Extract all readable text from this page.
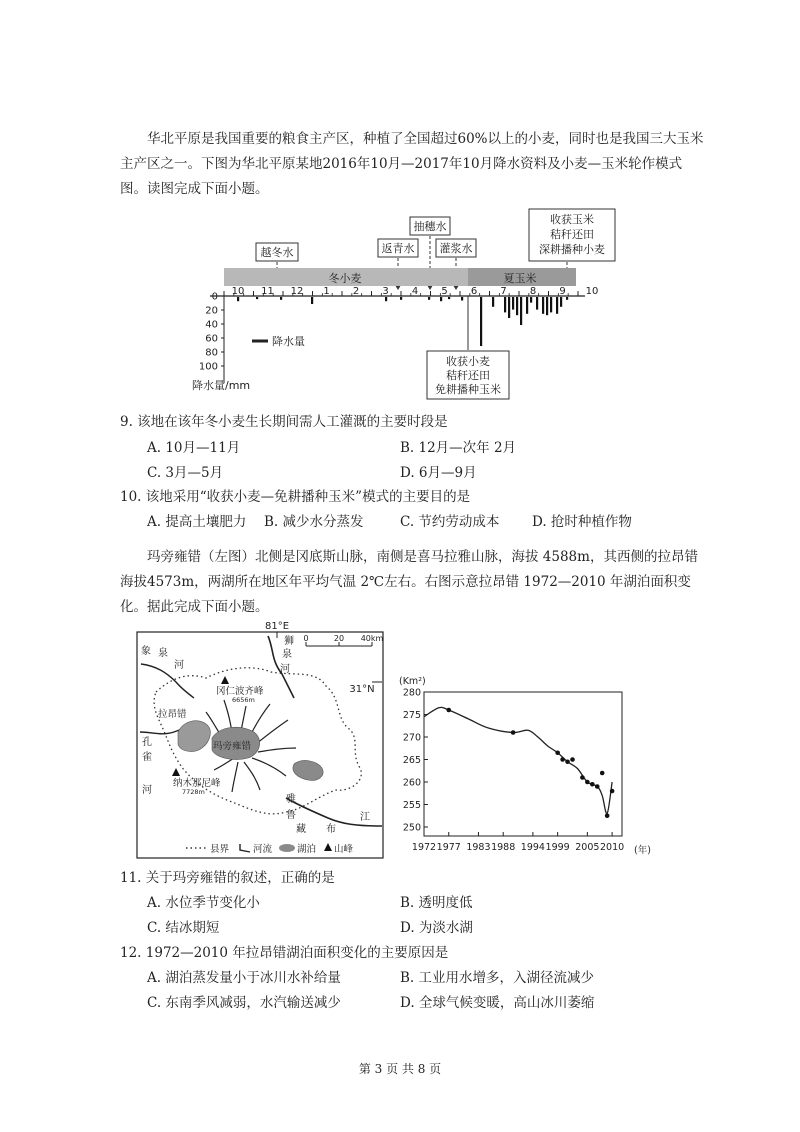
华北平原是我国重要的粮食主产区，种植了全国超过60%以上的小麦，同时也是我国三大玉米主产区之一。下图为华北平原某地2016年10月—2017年10月降水资料及小麦—玉米轮作模式图。读图完成下面小题。
收获玉米
秸秆还田
深耕播种小麦
抽穗水
返青水 灌浆水
越冬水
冬小麦	夏玉米
10 11 12 1 2 3 4 5 6 7 8 9 10
0
20
40
60
80
100
降水量
降水量/mm
收获小麦
秸秆还田
免耕播种玉米
9. 该地在该年冬小麦生长期间需人工灌溉的主要时段是
A. 10月—11月	B. 12月—次年 2月
C. 3月—5月	D. 6月—9月
10. 该地采用“收获小麦—免耕播种玉米”模式的主要目的是
A. 提高土壤肥力 B. 减少水分蒸发	C. 节约劳动成本 D. 抢时种植作物
玛旁雍错（左图）北侧是冈底斯山脉，南侧是喜马拉雅山脉，海拔 4588m，其西侧的拉昂错海拔4573m，两湖所在地区年平均气温 2℃左右。右图示意拉昂错 1972—2010 年湖泊面积变化。据此完成下面小题。
81°E
0	20 40km
31°N
冈仁波齐峰
6656m
纳木那尼峰
7728m
拉昂错
玛旁雍错
狮
泉
河
象 泉
河
孔
雀
河
雅
鲁
藏 布
江
县界	河流	湖泊 山峰
(Km²)
250
255
260
265
270
275
280
1972 1977 1983 1988 1994 1999 2005 2010 (年)
11. 关于玛旁雍错的叙述，正确的是
A. 水位季节变化小	B. 透明度低
C. 结冰期短	D. 为淡水湖
12. 1972—2010 年拉昂错湖泊面积变化的主要原因是
A. 湖泊蒸发量小于冰川水补给量	B. 工业用水增多，入湖径流减少
C. 东南季风减弱，水汽输送减少	D. 全球气候变暖，高山冰川萎缩
第 3 页 共 8 页
